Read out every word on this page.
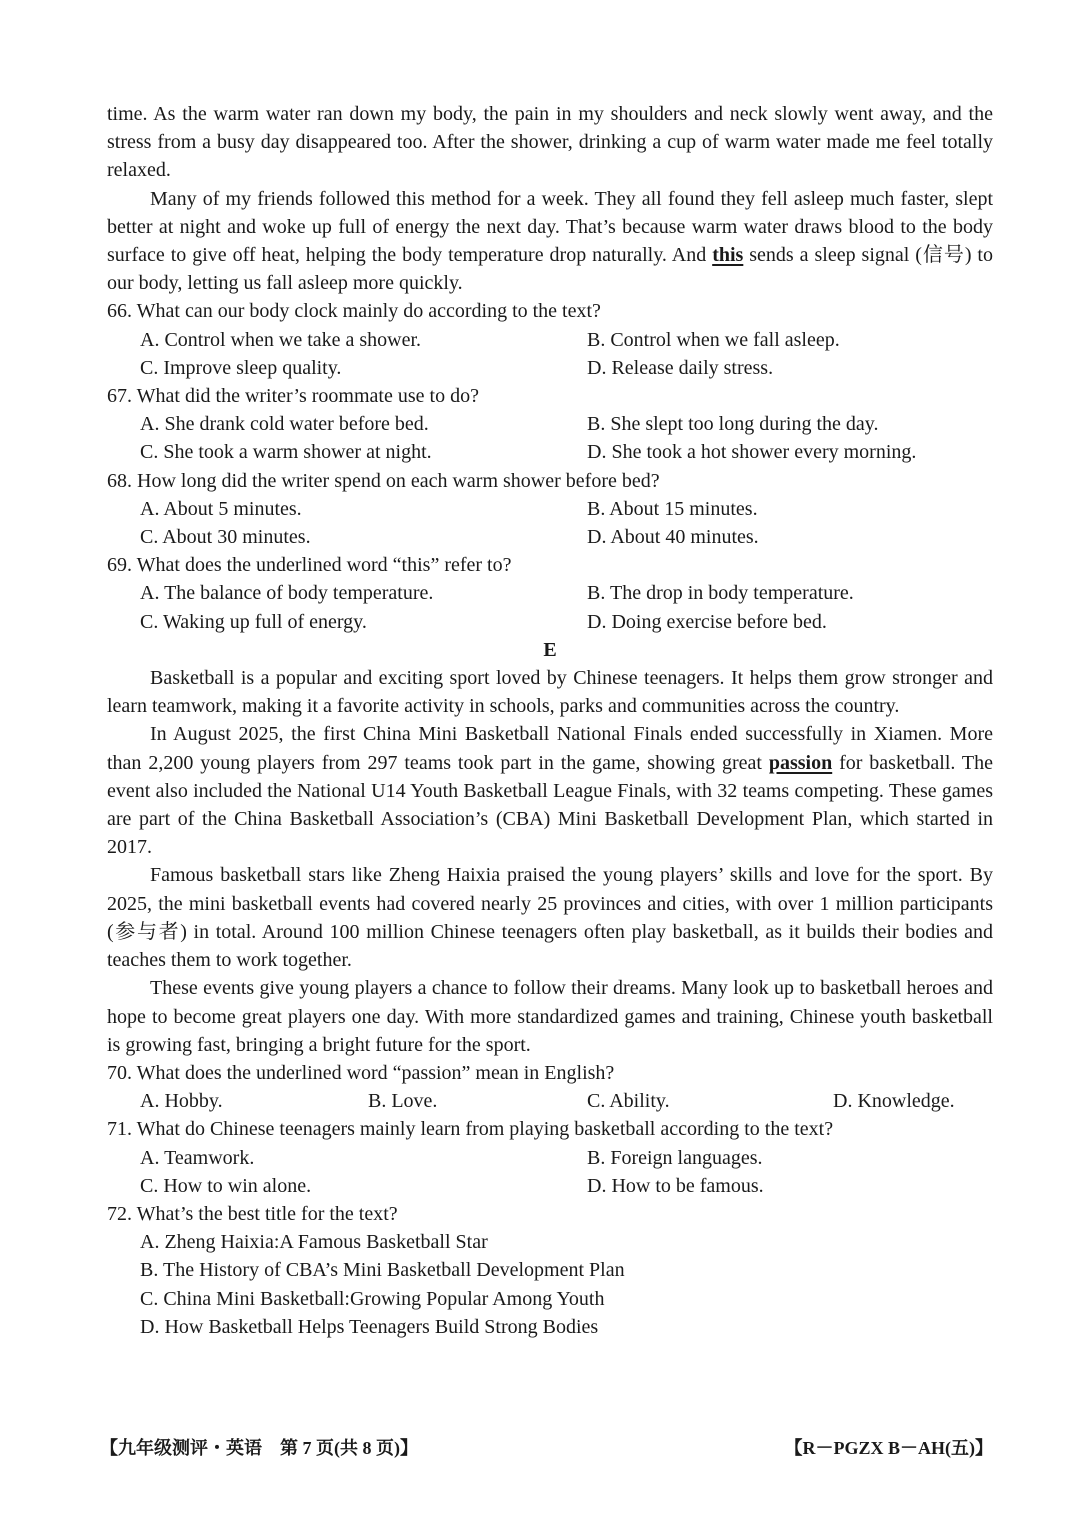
time. As the warm water ran down my body, the pain in my shoulders and neck slowly went away, and the stress from a busy day disappeared too. After the shower, drinking a cup of warm water made me feel totally relaxed.

Many of my friends followed this method for a week. They all found they fell asleep much faster, slept better at night and woke up full of energy the next day. That’s because warm water draws blood to the body surface to give off heat, helping the body temperature drop naturally. And this sends a sleep signal (信号) to our body, letting us fall asleep more quickly.

66. What can our body clock mainly do according to the text?

A. Control when we take a shower.	B. Control when we fall asleep.
C. Improve sleep quality.	D. Release daily stress.

67. What did the writer’s roommate use to do?

A. She drank cold water before bed.	B. She slept too long during the day.
C. She took a warm shower at night.	D. She took a hot shower every morning.

68. How long did the writer spend on each warm shower before bed?

A. About 5 minutes.	B. About 15 minutes.
C. About 30 minutes.	D. About 40 minutes.

69. What does the underlined word “this” refer to?

A. The balance of body temperature.	B. The drop in body temperature.
C. Waking up full of energy.	D. Doing exercise before bed.

E

Basketball is a popular and exciting sport loved by Chinese teenagers. It helps them grow stronger and learn teamwork, making it a favorite activity in schools, parks and communities across the country.

In August 2025, the first China Mini Basketball National Finals ended successfully in Xiamen. More than 2,200 young players from 297 teams took part in the game, showing great passion for basketball. The event also included the National U14 Youth Basketball League Finals, with 32 teams competing. These games are part of the China Basketball Association’s (CBA) Mini Basketball Development Plan, which started in 2017.

Famous basketball stars like Zheng Haixia praised the young players’ skills and love for the sport. By 2025, the mini basketball events had covered nearly 25 provinces and cities, with over 1 million participants (参与者) in total. Around 100 million Chinese teenagers often play basketball, as it builds their bodies and teaches them to work together.

These events give young players a chance to follow their dreams. Many look up to basketball heroes and hope to become great players one day. With more standardized games and training, Chinese youth basketball is growing fast, bringing a bright future for the sport.

70. What does the underlined word “passion” mean in English?

A. Hobby.	B. Love.	C. Ability.	D. Knowledge.

71. What do Chinese teenagers mainly learn from playing basketball according to the text?

A. Teamwork.	B. Foreign languages.
C. How to win alone.	D. How to be famous.

72. What’s the best title for the text?

A. Zheng Haixia:A Famous Basketball Star
B. The History of CBA’s Mini Basketball Development Plan
C. China Mini Basketball:Growing Popular Among Youth
D. How Basketball Helps Teenagers Build Strong Bodies
【九年级测评・英语　第 7 页(共 8 页)】	【R－PGZX B－AH(五)】
